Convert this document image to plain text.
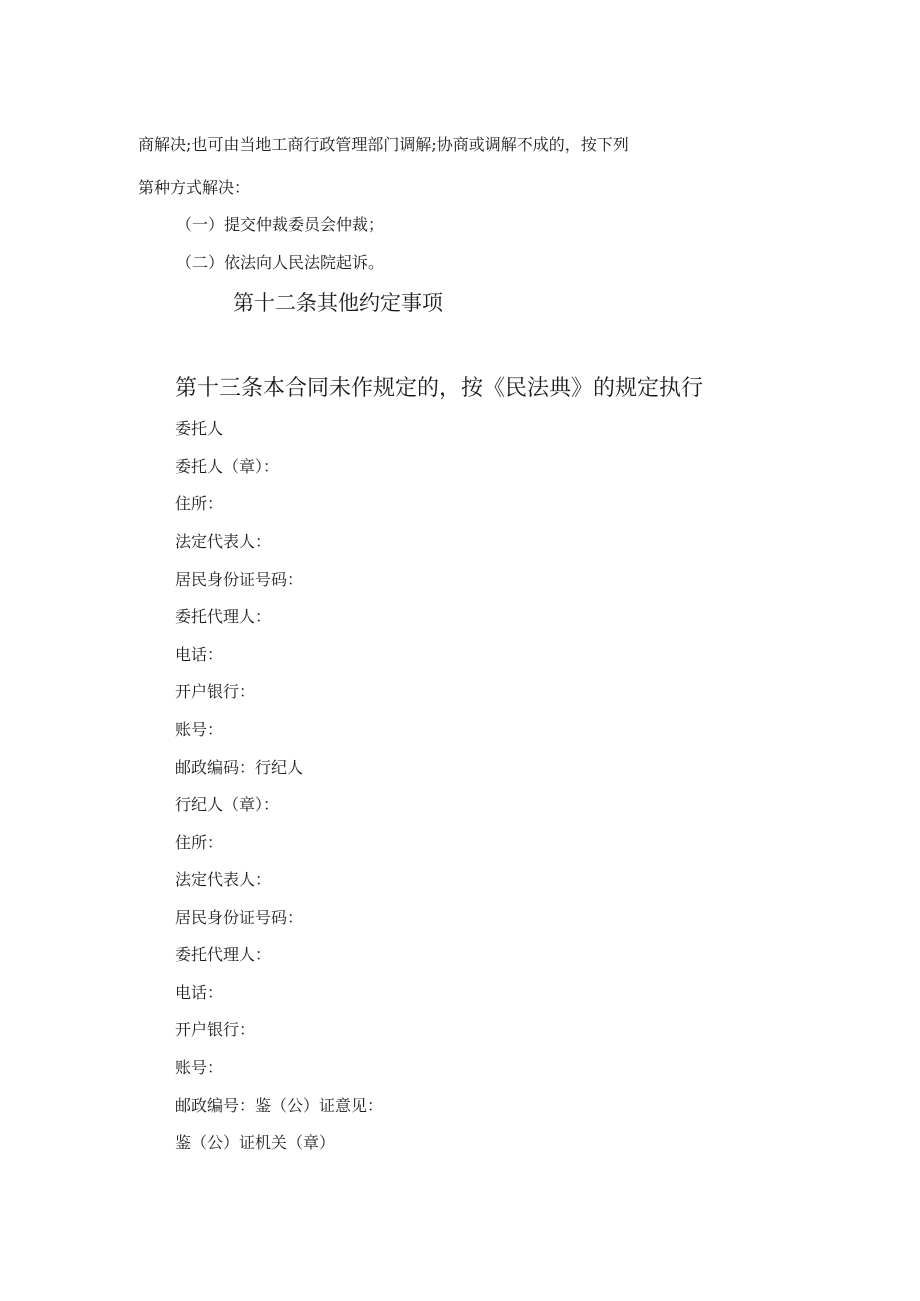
商解决;也可由当地工商行政管理部门调解;协商或调解不成的，按下列
第种方式解决：
（一）提交仲裁委员会仲裁；
（二）依法向人民法院起诉。
第十二条其他约定事项
第十三条本合同未作规定的，按《民法典》的规定执行
委托人
委托人（章）：
住所：
法定代表人：
居民身份证号码：
委托代理人：
电话：
开户银行：
账号：
邮政编码：行纪人
行纪人（章）：
住所：
法定代表人：
居民身份证号码：
委托代理人：
电话：
开户银行：
账号：
邮政编号：鉴（公）证意见：
鉴（公）证机关（章）
